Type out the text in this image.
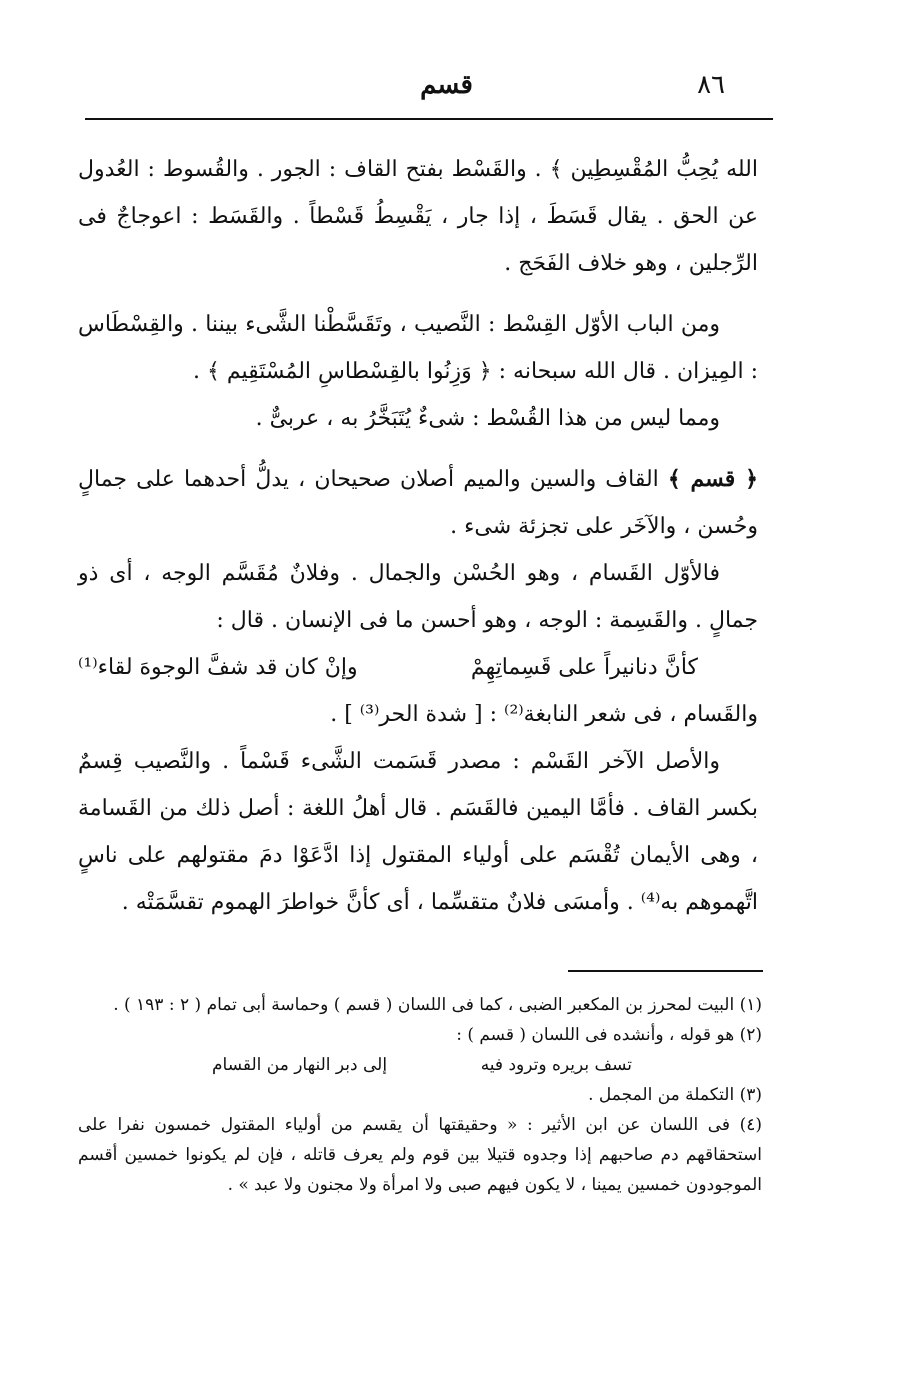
٨٦
قسم

الله يُحِبُّ المُقْسِطِين ﴾ . والقَسْط بفتح القاف : الجور . والقُسوط : العُدول عن الحق . يقال قَسَطَ ، إذا جار ، يَقْسِطُ قَسْطاً . والقَسَط : اعوجاجٌ فى الرِّجلين ، وهو خلاف الفَحَج .

ومن الباب الأوّل القِسْط : النَّصيب ، وتَقَسَّطْنا الشَّىء بيننا . والقِسْطَاس : المِيزان . قال الله سبحانه : ﴿ وَزِنُوا بالقِسْطاسِ المُسْتَقِيم ﴾ .

ومما ليس من هذا القُسْط : شىءٌ يُتَبَخَّرُ به ، عربىٌّ .

﴿ قسم ﴾ القاف والسين والميم أصلان صحيحان ، يدلُّ أحدهما على جمالٍ وحُسن ، والآخَر على تجزئة شىء .

فالأوّل القَسام ، وهو الحُسْن والجمال . وفلانٌ مُقَسَّم الوجه ، أى ذو جمالٍ . والقَسِمة : الوجه ، وهو أحسن ما فى الإنسان . قال :

كأنَّ دنانيراً على قَسِماتِهِمْ
وإنْ كان قد شفَّ الوجوهَ لقاء⁽¹⁾

والقَسام ، فى شعر النابغة⁽²⁾ : [ شدة الحر⁽³⁾ ] .

والأصل الآخر القَسْم : مصدر قَسَمت الشَّىء قَسْماً . والنَّصيب قِسمٌ بكسر القاف . فأمَّا اليمين فالقَسَم . قال أهلُ اللغة : أصل ذلك من القَسامة ، وهى الأيمان تُقْسَم على أولياء المقتول إذا ادَّعَوْا دمَ مقتولهم على ناسٍ اتَّهموهم به⁽⁴⁾ . وأمسَى فلانٌ متقسِّما ، أى كأنَّ خواطرَ الهموم تقسَّمَتْه .

(١) البيت لمحرز بن المكعبر الضبى ، كما فى اللسان ( قسم ) وحماسة أبى تمام ( ٢ : ١٩٣ ) .

(٢) هو قوله ، وأنشده فى اللسان ( قسم ) :

تسف بريره وترود فيه
إلى دبر النهار من القسام

(٣) التكملة من المجمل .

(٤) فى اللسان عن ابن الأثير : « وحقيقتها أن يقسم من أولياء المقتول خمسون نفرا على استحقاقهم دم صاحبهم إذا وجدوه قتيلا بين قوم ولم يعرف قاتله ، فإن لم يكونوا خمسين أقسم الموجودون خمسين يمينا ، لا يكون فيهم صبى ولا امرأة ولا مجنون ولا عبد » .
